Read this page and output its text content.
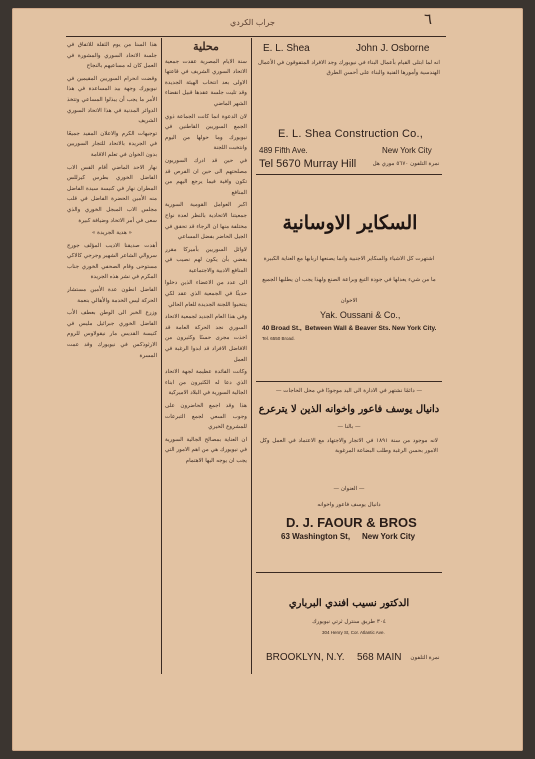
جراب الكردي	٦

هذا السنا من يوم الثقلة للاتفاق في جلسة الاتحاد السوري والمشورة في العمل كان له مساعيهم بالنجاح

وقضت انحرام السوريين المقيمين في نيويورك وجهة بيد المساعدة في هذا الأمر ما يجب أن يبذلوا المساعي وتتخذ الدوائر المدنية في هذا الاتحاد السوري الشريف

توجيهات الكرم والاعلان المفيد جميعًا في الجريدة بالاتحاد للتجار السوريين بدون الخوان في تعلم الاقامة

نهار الاحد الماضي أقام القس الاب الفاضل الخوري بطرس كيرللس المطران نهار في كنيسة سيدة الفاضل منه الأمين الحضرة الفاضل في قلب مجلس الاب المبجل الخوري والذي سعى في أمر الاتحاد وضيافة كبيرة

« هدية الجريدة »

أهدت صديقنا الاديب المؤلف جورج سروالي الشاعر الشهير وجرجي كالاكي مستوحى وقام الصحفي الخوري جناب المكرم في نشر هذه الجريدة

الفاضل انطون عدة الأمين مستشار الحركة ليس الخدمة والأهالي بنعمة

وزرع الخبر الى الوطن بعطف الأب الفاضل الخوري جبرائيل مليس في كنيسة القديس مار نيقولاوس للروم الارثوذكس في نيويورك وقد عمت المسرة

محلية

سنة الايام المصرية عقدت جمعية الاتحاد السوري الشريف في قاعتها الاولى بعد انتخاب الهيئة الجديدة وقد تليت جلسة عقدها قبيل انقضاء الشهر الماضي

لان الدعوة انما كانت الجماعة ذوي الجمع السوريين القاطنين في نيويورك وما حولها من اليوم وانتخبت اللجنة

في حين قد ادرك السوريون مصلحتهم الى حين ان الفرص قد تكون وافية فيما يرجع اليهم من المنافع

اكبر العوامل القومية السورية جمعيتنا الاتحادية بالنظر لعدة نواح مختلفة منها ان الرجاء قد تحقق في الجيل الحاضر بفضل المساعي

لاوائل السوريين بأميركا مقرر يقضي بأن يكون لهم نصيب في المنافع الادبية والاجتماعية

الى عدد من الاعضاء الذين دخلوا حديثًا في الجمعية الذي عقد لكي ينتخبوا اللجنة الجديدة للعام الحالي

وفي هذا العام الجديد لجمعية الاتحاد السوري نجد الحركة العامة قد اخذت مجرى حسنًا وكثيرون من الافاضل الافراد قد ابدوا الرغبة في العمل

وكانت الفائدة عظيمة لجهة الاتحاد الذي دعا له الكثيرون من ابناء الجالية السورية في البلاد الاميركية

هذا وقد اجمع الحاضرون على وجوب السعي لجمع التبرعات للمشروع الخيري

ان العناية بمصالح الجالية السورية في نيويورك هي من اهم الامور التي يجب ان يوجه اليها الاهتمام

E. L. Shea	John J. Osborne
انه لما ابتلى القيام بأعمال البناء في نيويورك وجد الافراد المتفوقون في الأعمال الهندسية وأمورها الفنية والبناء على أحسن الطرق
E. L. Shea Construction Co.,
489 Fifth Ave.	New York City
Tel 5670 Murray Hill	نمرة التلفون ٥٦٧٠ موري هل
السكاير الاوسانية
اشتهرت كل الاشياء والسكاير الاجنبية وانما يصنعها اربابها مع العناية الكبيرة
ما من شيء يعدلها في جودة التبغ وبراعة الصنع ولهذا يجب ان يطلبها الجميع
الاخوان
Yak. Oussani & Co.,
40 Broad St., Between Wall & Beaver Sts. New York City.
Tel. 6550 Broad.
— دائمًا نشتهر في الادارة الى اليد موجودًا في محل الحاجات —
دانيال يوسف فاعور واخوانه الذين لا يترعرع
— بالنا —
لانه موجود من سنة ١٨٩١ في الاتجار والاجتهاد مع الاعتماد في العمل وكل الامور بحسن الرغبة وطلب البضاعة المرغوبة
— العنوان —
دانيال يوسف فاعور واخوانه
D. J. FAOUR & BROS
63 Washington St, New York City
الدكتور نسيب افندي البرباري
٣٠٤ طريق سنترل ثرتي نيويورك
304 Henry St, Cor. Atlantic Ave.
BROOKLYN, N.Y. 568 MAIN	نمرة التلفون
